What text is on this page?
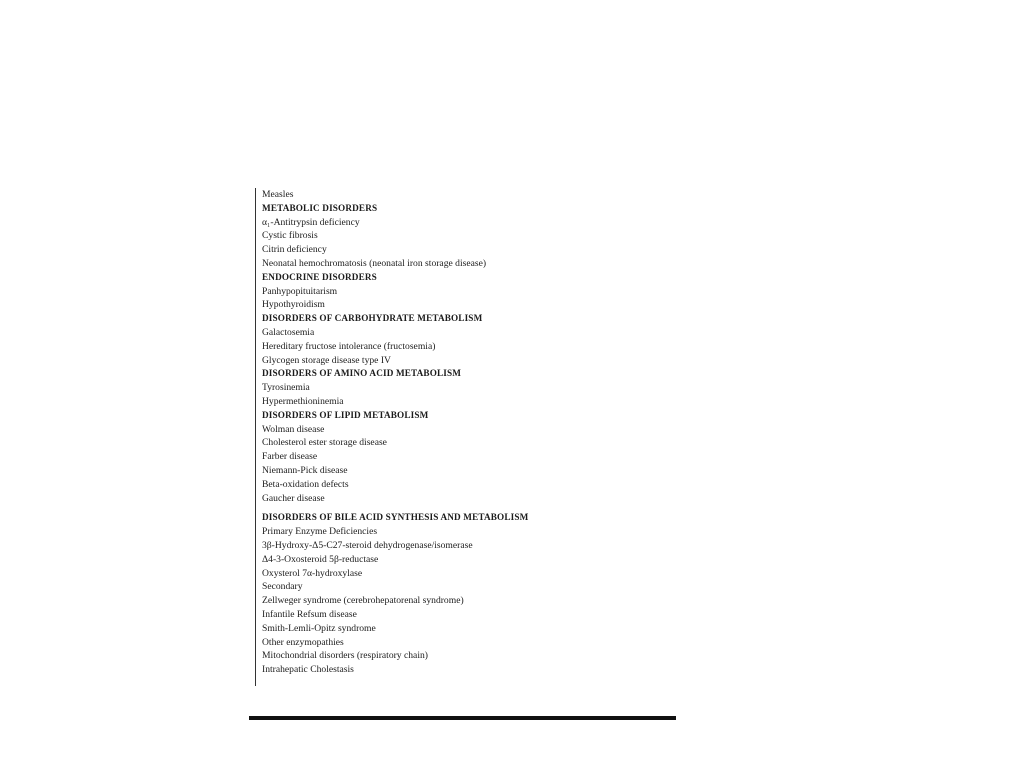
Measles
METABOLIC DISORDERS
α₁-Antitrypsin deficiency
Cystic fibrosis
Citrin deficiency
Neonatal hemochromatosis (neonatal iron storage disease)
ENDOCRINE DISORDERS
Panhypopituitarism
Hypothyroidism
DISORDERS OF CARBOHYDRATE METABOLISM
Galactosemia
Hereditary fructose intolerance (fructosemia)
Glycogen storage disease type IV
DISORDERS OF AMINO ACID METABOLISM
Tyrosinemia
Hypermethioninemia
DISORDERS OF LIPID METABOLISM
Wolman disease
Cholesterol ester storage disease
Farber disease
Niemann-Pick disease
Beta-oxidation defects
Gaucher disease
DISORDERS OF BILE ACID SYNTHESIS AND METABOLISM
Primary Enzyme Deficiencies
3β-Hydroxy-Δ5-C27-steroid dehydrogenase/isomerase
Δ4-3-Oxosteroid 5β-reductase
Oxysterol 7α-hydroxylase
Secondary
Zellweger syndrome (cerebrohepatorenal syndrome)
Infantile Refsum disease
Smith-Lemli-Opitz syndrome
Other enzymopathies
Mitochondrial disorders (respiratory chain)
Intrahepatic Cholestasis
